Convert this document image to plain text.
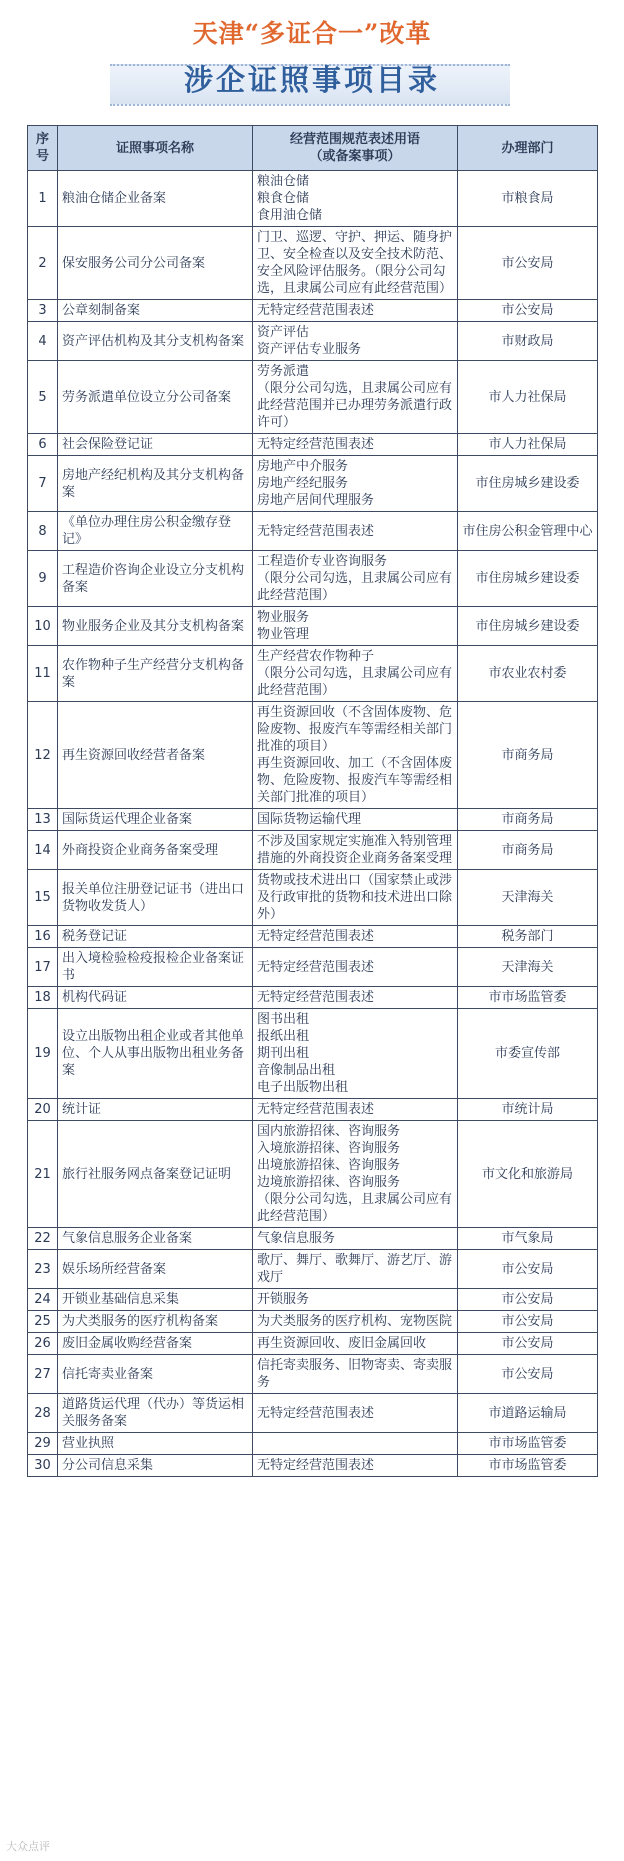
天津“多证合一”改革
涉企证照事项目录
序号	证照事项名称	经营范围规范表述用语
（或备案事项）	办理部门
1	粮油仓储企业备案	粮油仓储
粮食仓储
食用油仓储	市粮食局
2	保安服务公司分公司备案	门卫、巡逻、守护、押运、随身护卫、安全检查以及安全技术防范、安全风险评估服务。（限分公司勾选，且隶属公司应有此经营范围）	市公安局
3	公章刻制备案	无特定经营范围表述	市公安局
4	资产评估机构及其分支机构备案	资产评估
资产评估专业服务	市财政局
5	劳务派遣单位设立分公司备案	劳务派遣
（限分公司勾选，且隶属公司应有此经营范围并已办理劳务派遣行政许可）	市人力社保局
6	社会保险登记证	无特定经营范围表述	市人力社保局
7	房地产经纪机构及其分支机构备案	房地产中介服务
房地产经纪服务
房地产居间代理服务	市住房城乡建设委
8	《单位办理住房公积金缴存登记》	无特定经营范围表述	市住房公积金管理中心
9	工程造价咨询企业设立分支机构备案	工程造价专业咨询服务
（限分公司勾选，且隶属公司应有此经营范围）	市住房城乡建设委
10	物业服务企业及其分支机构备案	物业服务
物业管理	市住房城乡建设委
11	农作物种子生产经营分支机构备案	生产经营农作物种子
（限分公司勾选，且隶属公司应有此经营范围）	市农业农村委
12	再生资源回收经营者备案	再生资源回收（不含固体废物、危险废物、报废汽车等需经相关部门批准的项目）
再生资源回收、加工（不含固体废物、危险废物、报废汽车等需经相关部门批准的项目）	市商务局
13	国际货运代理企业备案	国际货物运输代理	市商务局
14	外商投资企业商务备案受理	不涉及国家规定实施准入特别管理措施的外商投资企业商务备案受理	市商务局
15	报关单位注册登记证书（进出口货物收发货人）	货物或技术进出口（国家禁止或涉及行政审批的货物和技术进出口除外）	天津海关
16	税务登记证	无特定经营范围表述	税务部门
17	出入境检验检疫报检企业备案证书	无特定经营范围表述	天津海关
18	机构代码证	无特定经营范围表述	市市场监管委
19	设立出版物出租企业或者其他单位、个人从事出版物出租业务备案	图书出租
报纸出租
期刊出租
音像制品出租
电子出版物出租	市委宣传部
20	统计证	无特定经营范围表述	市统计局
21	旅行社服务网点备案登记证明	国内旅游招徕、咨询服务
入境旅游招徕、咨询服务
出境旅游招徕、咨询服务
边境旅游招徕、咨询服务
（限分公司勾选，且隶属公司应有此经营范围）	市文化和旅游局
22	气象信息服务企业备案	气象信息服务	市气象局
23	娱乐场所经营备案	歌厅、舞厅、歌舞厅、游艺厅、游戏厅	市公安局
24	开锁业基础信息采集	开锁服务	市公安局
25	为犬类服务的医疗机构备案	为犬类服务的医疗机构、宠物医院	市公安局
26	废旧金属收购经营备案	再生资源回收、废旧金属回收	市公安局
27	信托寄卖业备案	信托寄卖服务、旧物寄卖、寄卖服务	市公安局
28	道路货运代理（代办）等货运相关服务备案	无特定经营范围表述	市道路运输局
29	营业执照		市市场监管委
30	分公司信息采集	无特定经营范围表述	市市场监管委
大众点评
